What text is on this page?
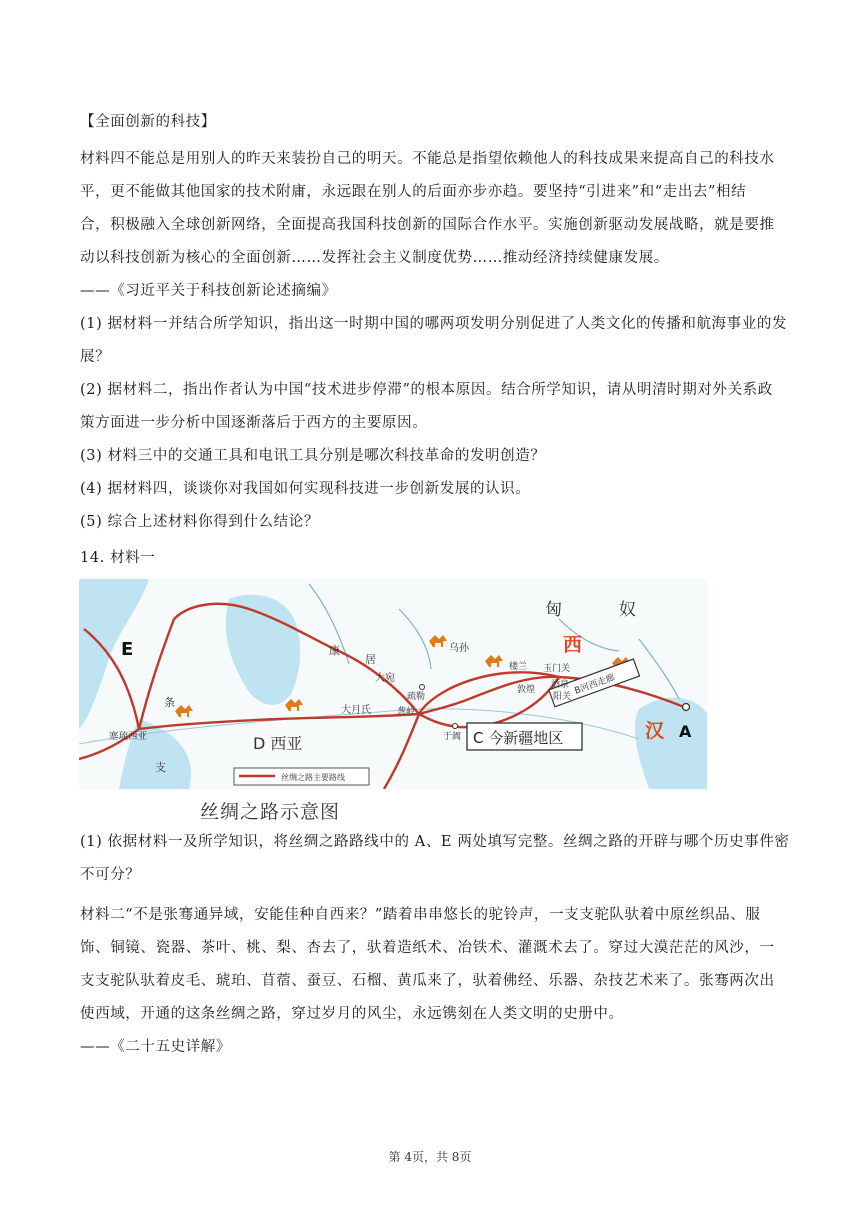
【全面创新的科技】
材料四不能总是用别人的昨天来装扮自己的明天。不能总是指望依赖他人的科技成果来提高自己的科技水
平，更不能做其他国家的技术附庸，永远跟在别人的后面亦步亦趋。要坚持“引进来”和“走出去”相结
合，积极融入全球创新网络，全面提高我国科技创新的国际合作水平。实施创新驱动发展战略，就是要推
动以科技创新为核心的全面创新……发挥社会主义制度优势……推动经济持续健康发展。
——《习近平关于科技创新论述摘编》
(1) 据材料一并结合所学知识，指出这一时期中国的哪两项发明分别促进了人类文化的传播和航海事业的发
展？
(2) 据材料二，指出作者认为中国“技术进步停滞”的根本原因。结合所学知识，请从明清时期对外关系政
策方面进一步分析中国逐渐落后于西方的主要原因。
(3) 材料三中的交通工具和电讯工具分别是哪次科技革命的发明创造？
(4) 据材料四，谈谈你对我国如何实现科技进一步创新发展的认识。
(5) 综合上述材料你得到什么结论？
14. 材料一
B河西走廊
C 今新疆地区
匈	奴
E
A
西
汉
康
居
大宛
乌孙
楼兰 玉门关
疏勒
葱岭
大月氏
于阗
敦煌 酒泉
阳关
D 西亚
条
支
塞琉西亚
丝绸之路主要路线
丝绸之路示意图
(1) 依据材料一及所学知识，将丝绸之路路线中的 A、E 两处填写完整。丝绸之路的开辟与哪个历史事件密
不可分？
材料二“不是张骞通异域，安能佳种自西来？”踏着串串悠长的驼铃声，一支支驼队驮着中原丝织品、服
饰、铜镜、瓷器、茶叶、桃、梨、杏去了，驮着造纸术、冶铁术、灌溉术去了。穿过大漠茫茫的风沙，一
支支驼队驮着皮毛、琥珀、苜蓿、蚕豆、石榴、黄瓜来了，驮着佛经、乐器、杂技艺术来了。张骞两次出
使西域，开通的这条丝绸之路，穿过岁月的风尘，永远镌刻在人类文明的史册中。
——《二十五史详解》
第 4页，共 8页
